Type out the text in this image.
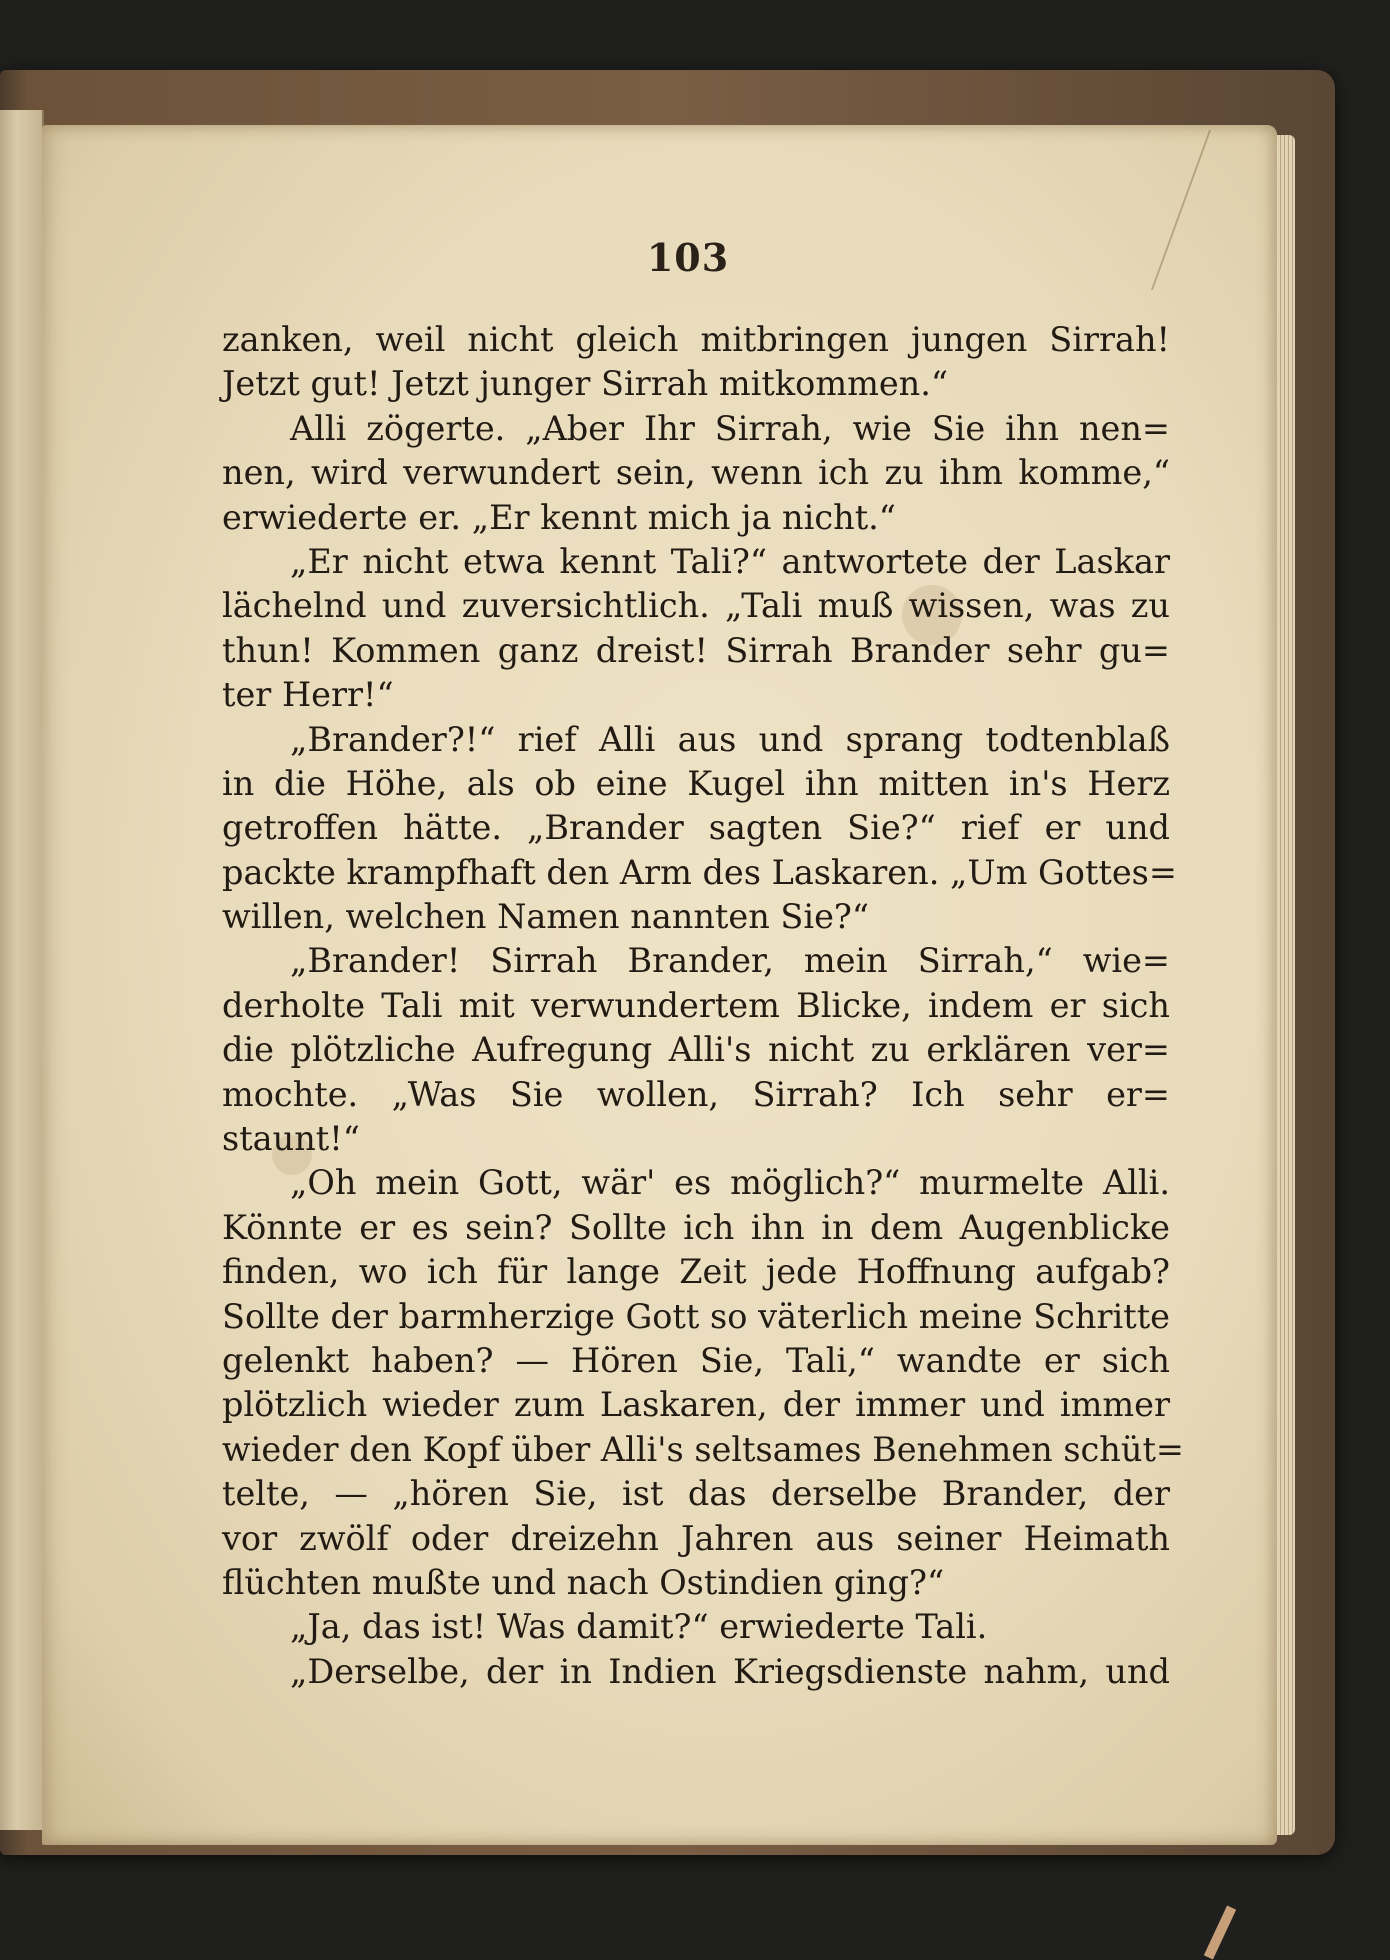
103
zanken, weil nicht gleich mitbringen jungen Sirrah!
Jetzt gut! Jetzt junger Sirrah mitkommen.“
Alli zögerte. „Aber Ihr Sirrah, wie Sie ihn nen=
nen, wird verwundert sein, wenn ich zu ihm komme,“
erwiederte er. „Er kennt mich ja nicht.“
„Er nicht etwa kennt Tali?“ antwortete der Laskar
lächelnd und zuversichtlich. „Tali muß wissen, was zu
thun! Kommen ganz dreist! Sirrah Brander sehr gu=
ter Herr!“
„Brander?!“ rief Alli aus und sprang todtenblaß
in die Höhe, als ob eine Kugel ihn mitten in's Herz
getroffen hätte. „Brander sagten Sie?“ rief er und
packte krampfhaft den Arm des Laskaren. „Um Gottes=
willen, welchen Namen nannten Sie?“
„Brander! Sirrah Brander, mein Sirrah,“ wie=
derholte Tali mit verwundertem Blicke, indem er sich
die plötzliche Aufregung Alli's nicht zu erklären ver=
mochte. „Was Sie wollen, Sirrah? Ich sehr er=
staunt!“
„Oh mein Gott, wär' es möglich?“ murmelte Alli.
Könnte er es sein? Sollte ich ihn in dem Augenblicke
finden, wo ich für lange Zeit jede Hoffnung aufgab?
Sollte der barmherzige Gott so väterlich meine Schritte
gelenkt haben? — Hören Sie, Tali,“ wandte er sich
plötzlich wieder zum Laskaren, der immer und immer
wieder den Kopf über Alli's seltsames Benehmen schüt=
telte, — „hören Sie, ist das derselbe Brander, der
vor zwölf oder dreizehn Jahren aus seiner Heimath
flüchten mußte und nach Ostindien ging?“
„Ja, das ist! Was damit?“ erwiederte Tali.
„Derselbe, der in Indien Kriegsdienste nahm, und
